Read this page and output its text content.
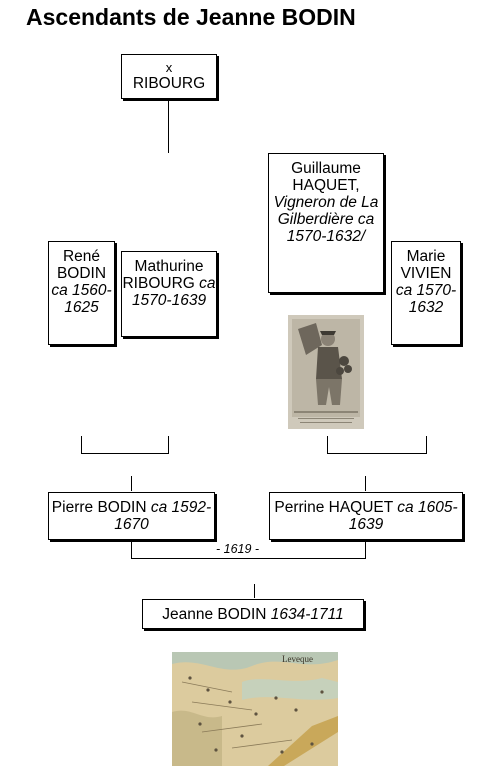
Ascendants de Jeanne BODIN
x
RIBOURG
René BODIN ca 1560-1625
Mathurine RIBOURG ca 1570-1639
Guillaume HAQUET,
Vigneron de La Gilberdière ca 1570-1632/
Marie VIVIEN ca 1570-1632
Pierre BODIN ca 1592-1670
Perrine HAQUET ca 1605-1639
- 1619 -
Jeanne BODIN
1634-1711
Leveque
